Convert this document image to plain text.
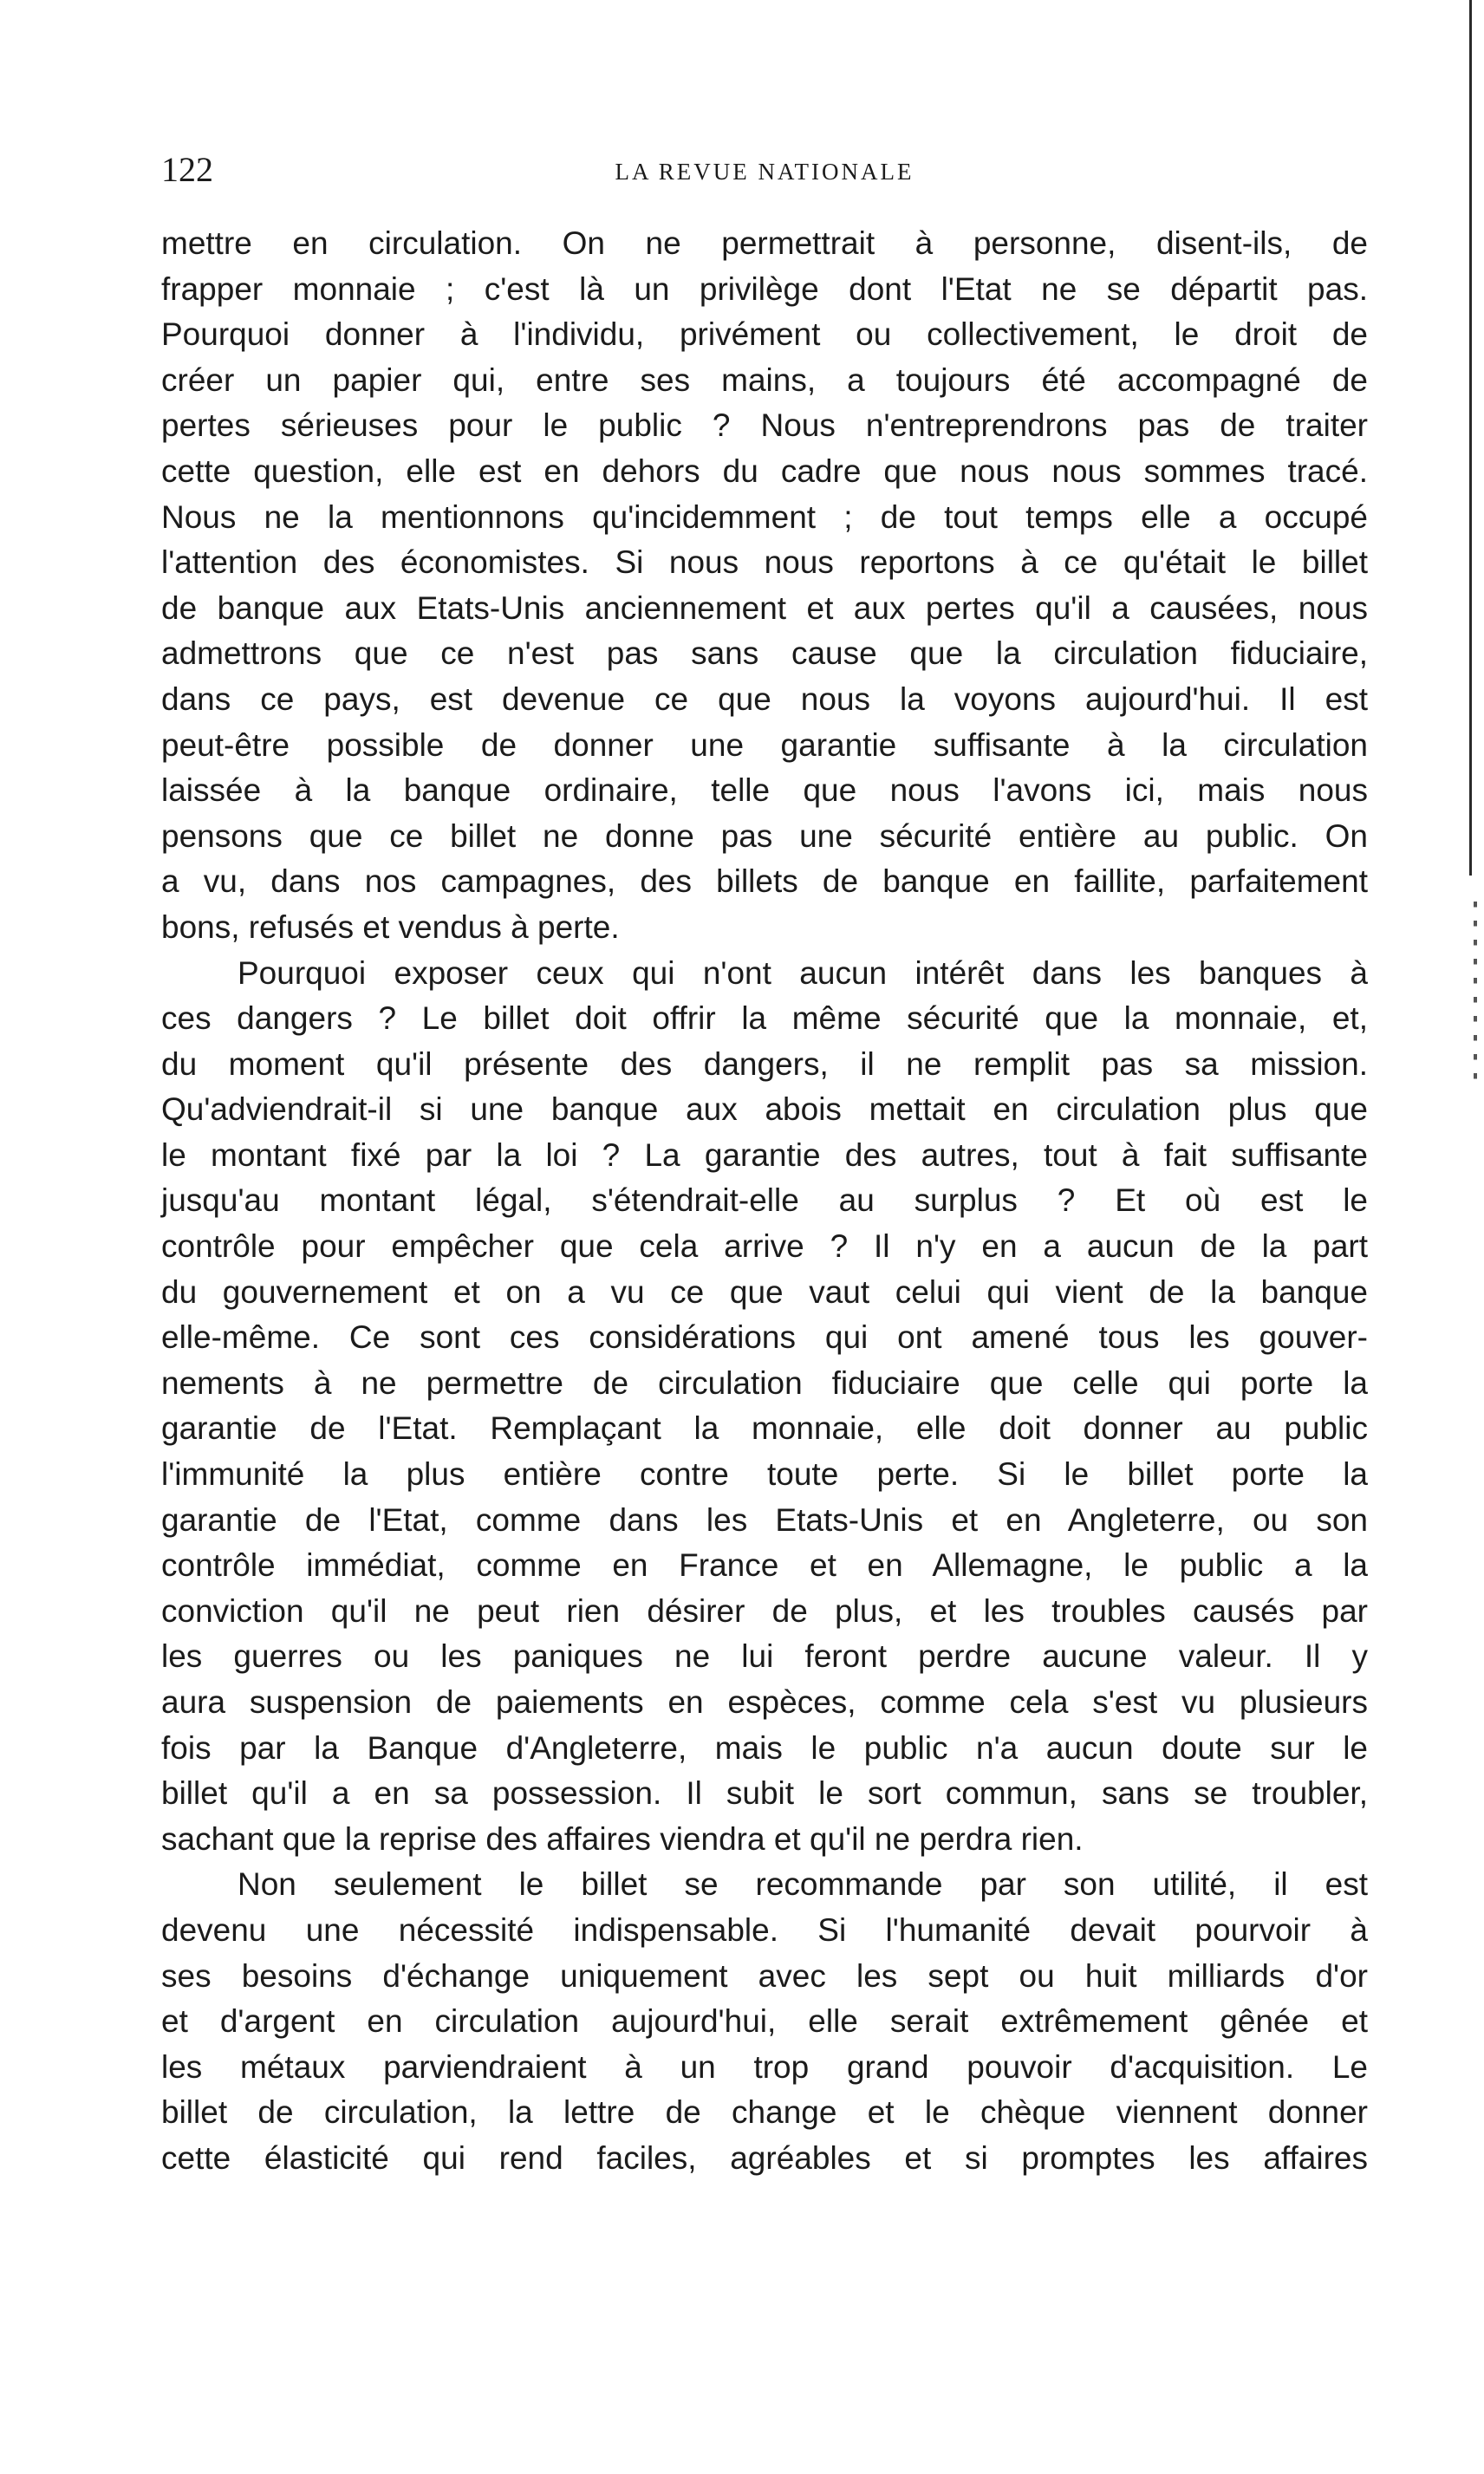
122	LA REVUE NATIONALE
mettre en circulation. On ne permettrait à personne, disent-ils, de
frapper monnaie ; c'est là un privilège dont l'Etat ne se départit pas.
Pourquoi donner à l'individu, privément ou collectivement, le droit de
créer un papier qui, entre ses mains, a toujours été accompagné de
pertes sérieuses pour le public ? Nous n'entreprendrons pas de traiter
cette question, elle est en dehors du cadre que nous nous sommes tracé.
Nous ne la mentionnons qu'incidemment ; de tout temps elle a occupé
l'attention des économistes. Si nous nous reportons à ce qu'était le billet
de banque aux Etats-Unis anciennement et aux pertes qu'il a causées, nous
admettrons que ce n'est pas sans cause que la circulation fiduciaire,
dans ce pays, est devenue ce que nous la voyons aujourd'hui. Il est
peut-être possible de donner une garantie suffisante à la circulation
laissée à la banque ordinaire, telle que nous l'avons ici, mais nous
pensons que ce billet ne donne pas une sécurité entière au public. On
a vu, dans nos campagnes, des billets de banque en faillite, parfaitement
bons, refusés et vendus à perte.
Pourquoi exposer ceux qui n'ont aucun intérêt dans les banques à
ces dangers ? Le billet doit offrir la même sécurité que la monnaie, et,
du moment qu'il présente des dangers, il ne remplit pas sa mission.
Qu'adviendrait-il si une banque aux abois mettait en circulation plus que
le montant fixé par la loi ? La garantie des autres, tout à fait suffisante
jusqu'au montant légal, s'étendrait-elle au surplus ? Et où est le
contrôle pour empêcher que cela arrive ? Il n'y en a aucun de la part
du gouvernement et on a vu ce que vaut celui qui vient de la banque
elle-même. Ce sont ces considérations qui ont amené tous les gouver-
nements à ne permettre de circulation fiduciaire que celle qui porte la
garantie de l'Etat. Remplaçant la monnaie, elle doit donner au public
l'immunité la plus entière contre toute perte. Si le billet porte la
garantie de l'Etat, comme dans les Etats-Unis et en Angleterre, ou son
contrôle immédiat, comme en France et en Allemagne, le public a la
conviction qu'il ne peut rien désirer de plus, et les troubles causés par
les guerres ou les paniques ne lui feront perdre aucune valeur. Il y
aura suspension de paiements en espèces, comme cela s'est vu plusieurs
fois par la Banque d'Angleterre, mais le public n'a aucun doute sur le
billet qu'il a en sa possession. Il subit le sort commun, sans se troubler,
sachant que la reprise des affaires viendra et qu'il ne perdra rien.
Non seulement le billet se recommande par son utilité, il est
devenu une nécessité indispensable. Si l'humanité devait pourvoir à
ses besoins d'échange uniquement avec les sept ou huit milliards d'or
et d'argent en circulation aujourd'hui, elle serait extrêmement gênée et
les métaux parviendraient à un trop grand pouvoir d'acquisition. Le
billet de circulation, la lettre de change et le chèque viennent donner
cette élasticité qui rend faciles, agréables et si promptes les affaires
